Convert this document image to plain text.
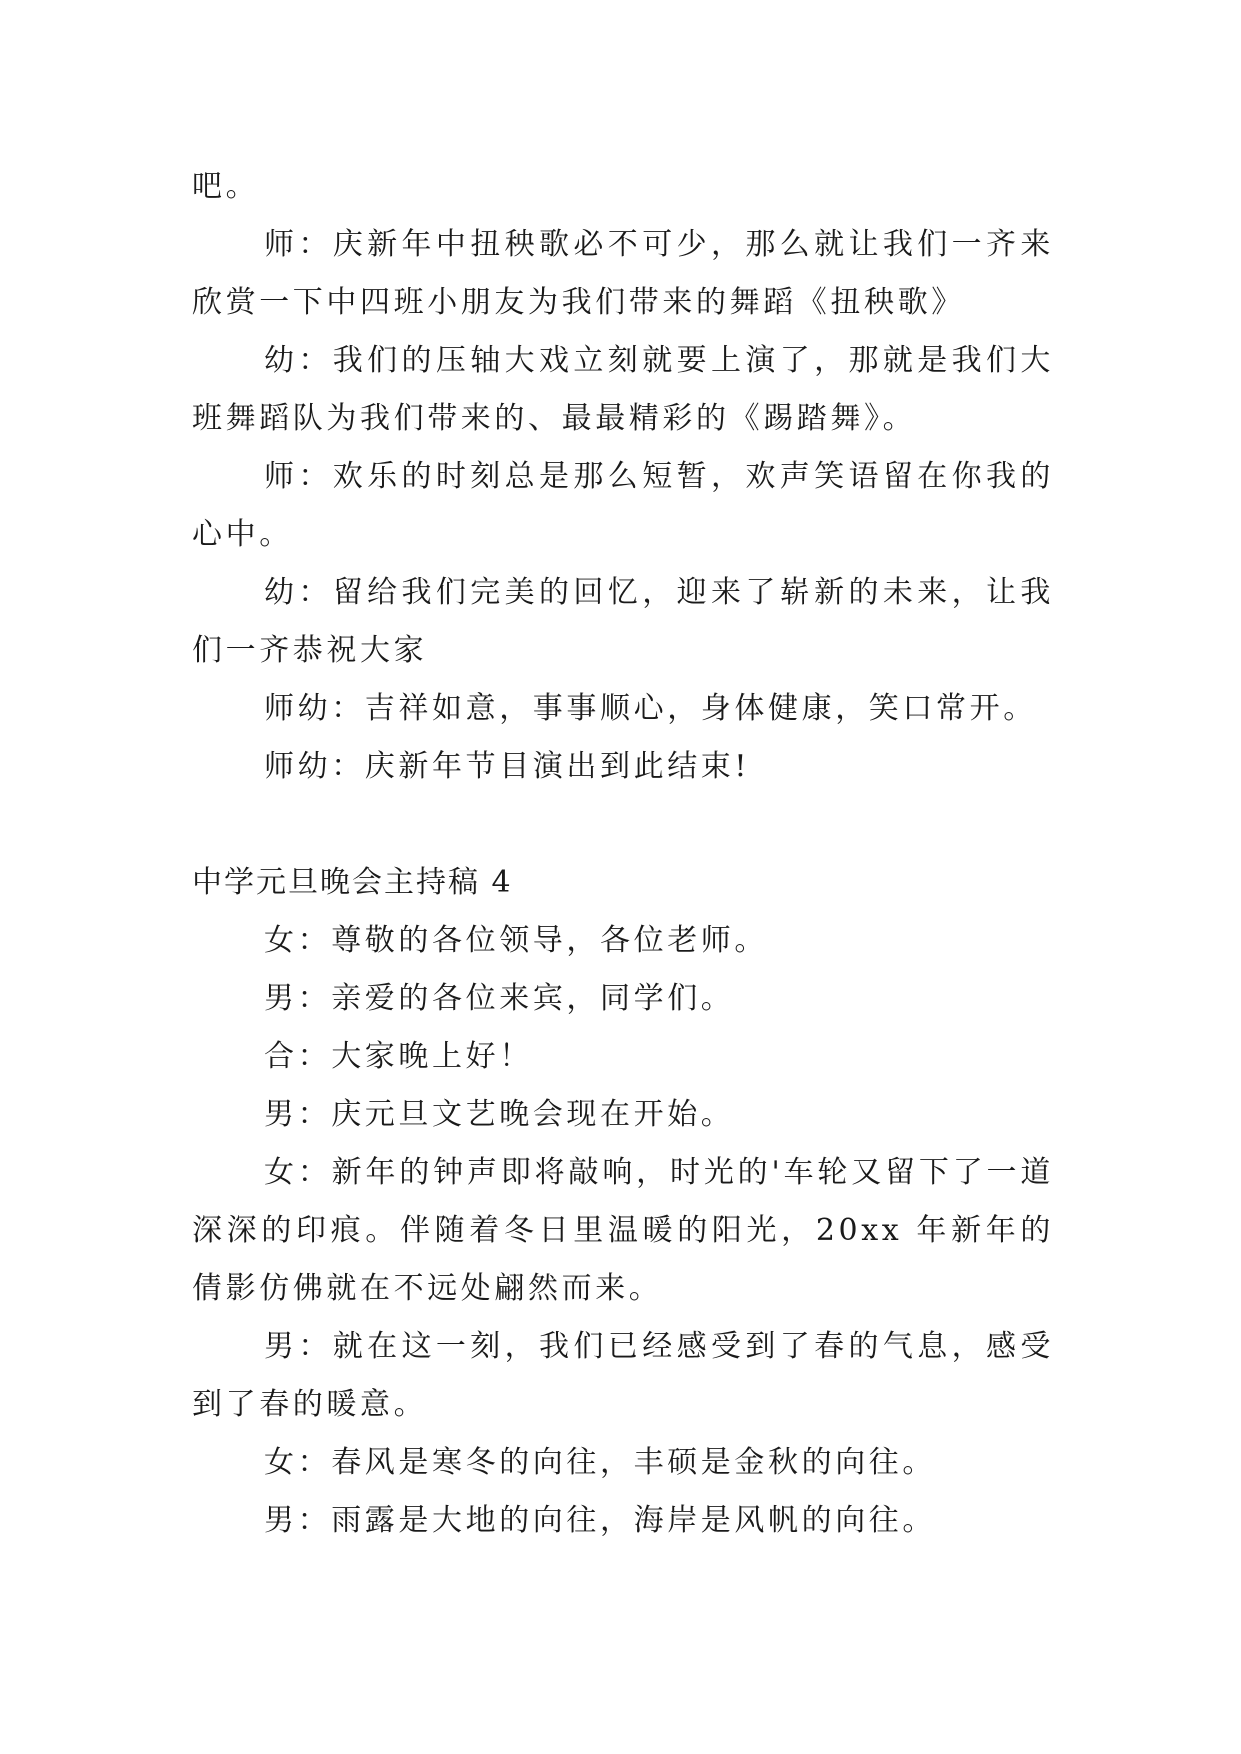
吧。

师：庆新年中扭秧歌必不可少，那么就让我们一齐来欣赏一下中四班小朋友为我们带来的舞蹈《扭秧歌》

幼：我们的压轴大戏立刻就要上演了，那就是我们大班舞蹈队为我们带来的、最最精彩的《踢踏舞》。

师：欢乐的时刻总是那么短暂，欢声笑语留在你我的心中。

幼：留给我们完美的回忆，迎来了崭新的未来，让我们一齐恭祝大家

师幼：吉祥如意，事事顺心，身体健康，笑口常开。

师幼：庆新年节目演出到此结束!

中学元旦晚会主持稿 4

女：尊敬的各位领导，各位老师。

男：亲爱的各位来宾，同学们。

合：大家晚上好！

男：庆元旦文艺晚会现在开始。

女：新年的钟声即将敲响，时光的'车轮又留下了一道深深的印痕。伴随着冬日里温暖的阳光，20xx 年新年的倩影仿佛就在不远处翩然而来。

男：就在这一刻，我们已经感受到了春的气息，感受到了春的暖意。

女：春风是寒冬的向往，丰硕是金秋的向往。

男：雨露是大地的向往，海岸是风帆的向往。
